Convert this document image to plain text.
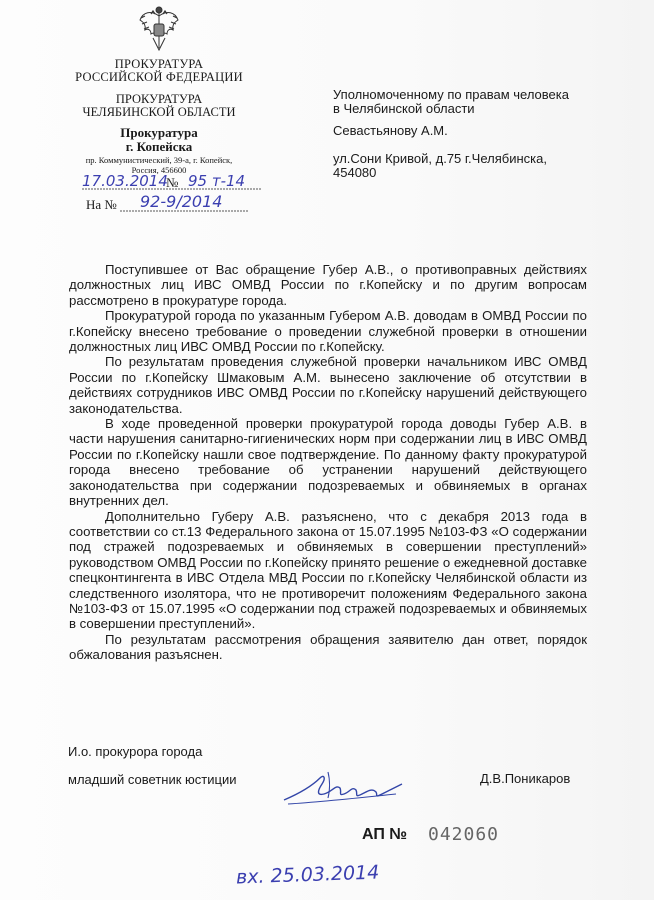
ПРОКУРАТУРА
РОССИЙСКОЙ ФЕДЕРАЦИИ
ПРОКУРАТУРА
ЧЕЛЯБИНСКОЙ ОБЛАСТИ
Прокуратура
г. Копейска
пр. Коммунистический, 39-а, г. Копейск,
Россия, 456600
17.03.2014
№ 95 т-14
На № 92-9/2014
Уполномоченному по правам человека
в Челябинской области
Севастьянову А.М.
ул.Сони Кривой, д.75 г.Челябинска,
454080

Поступившее от Вас обращение Губер А.В., о противоправных действиях должностных лиц ИВС ОМВД России по г.Копейску и по другим вопросам рассмотрено в прокуратуре города.

Прокуратурой города по указанным Губером А.В. доводам в ОМВД России по г.Копейску внесено требование о проведении служебной проверки в отношении должностных лиц ИВС ОМВД России по г.Копейску.

По результатам проведения служебной проверки начальником ИВС ОМВД России по г.Копейску Шмаковым А.М. вынесено заключение об отсутствии в действиях сотрудников ИВС ОМВД России по г.Копейску нарушений действующего законодательства.

В ходе проведенной проверки прокуратурой города доводы Губер А.В. в части нарушения санитарно-гигиенических норм при содержании лиц в ИВС ОМВД России по г.Копейску нашли свое подтверждение. По данному факту прокуратурой города внесено требование об устранении нарушений действующего законодательства при содержании подозреваемых и обвиняемых в органах внутренних дел.

Дополнительно Губеру А.В. разъяснено, что с декабря 2013 года в соответствии со ст.13 Федерального закона от 15.07.1995 №103-ФЗ «О содержании под стражей подозреваемых и обвиняемых в совершении преступлений» руководством ОМВД России по г.Копейску принято решение о ежедневной доставке спецконтингента в ИВС Отдела МВД России по г.Копейску Челябинской области из следственного изолятора, что не противоречит положениям Федерального закона №103-ФЗ от 15.07.1995 «О содержании под стражей подозреваемых и обвиняемых в совершении преступлений».

По результатам рассмотрения обращения заявителю дан ответ, порядок обжалования разъяснен.

И.о. прокурора города
младший советник юстиции	Д.В.Поникаров
АП № 042060
вх. 25.03.2014
